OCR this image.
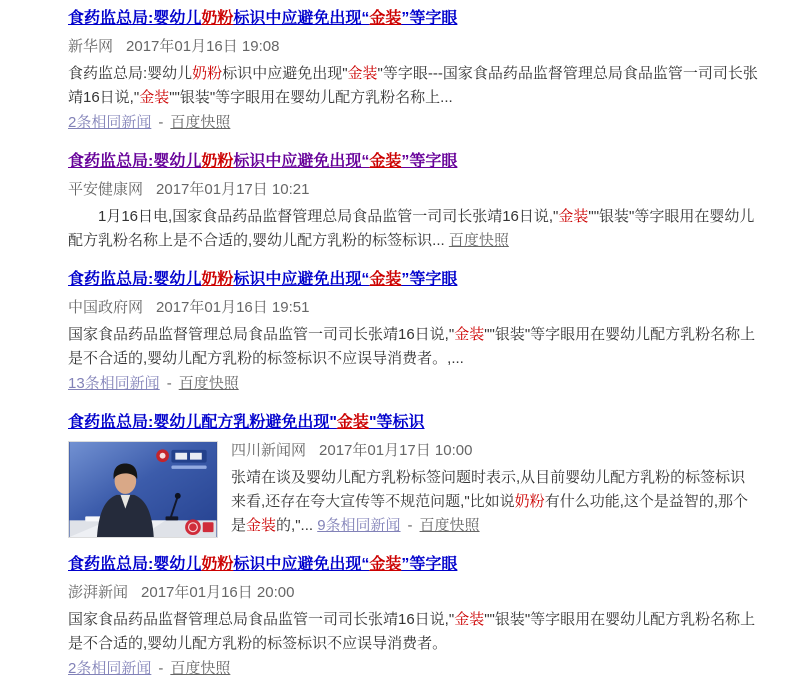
食药监总局:婴幼儿奶粉标识中应避免出现“金装”等字眼
新华网 2017年01月16日 19:08
食药监总局:婴幼儿奶粉标识中应避免出现"金装"等字眼---国家食品药品监督管理总局食品监管一司司长张靖16日说,"金装""银装"等字眼用在婴幼儿配方乳粉名称上...
2条相同新闻 - 百度快照
食药监总局:婴幼儿奶粉标识中应避免出现“金装”等字眼
平安健康网 2017年01月17日 10:21
　　1月16日电,国家食品药品监督管理总局食品监管一司司长张靖16日说,"金装""银装"等字眼用在婴幼儿配方乳粉名称上是不合适的,婴幼儿配方乳粉的标签标识... 百度快照
食药监总局:婴幼儿奶粉标识中应避免出现“金装”等字眼
中国政府网 2017年01月16日 19:51
国家食品药品监督管理总局食品监管一司司长张靖16日说,"金装""银装"等字眼用在婴幼儿配方乳粉名称上是不合适的,婴幼儿配方乳粉的标签标识不应误导消费者。,...
13条相同新闻 - 百度快照
食药监总局:婴幼儿配方乳粉避免出现"金装"等标识
四川新闻网 2017年01月17日 10:00
张靖在谈及婴幼儿配方乳粉标签问题时表示,从目前婴幼儿配方乳粉的标签标识来看,还存在夸大宣传等不规范问题,"比如说奶粉有什么功能,这个是益智的,那个是金装的,"... 9条相同新闻 - 百度快照
食药监总局:婴幼儿奶粉标识中应避免出现“金装”等字眼
澎湃新闻 2017年01月16日 20:00
国家食品药品监督管理总局食品监管一司司长张靖16日说,"金装""银装"等字眼用在婴幼儿配方乳粉名称上是不合适的,婴幼儿配方乳粉的标签标识不应误导消费者。
2条相同新闻 - 百度快照
